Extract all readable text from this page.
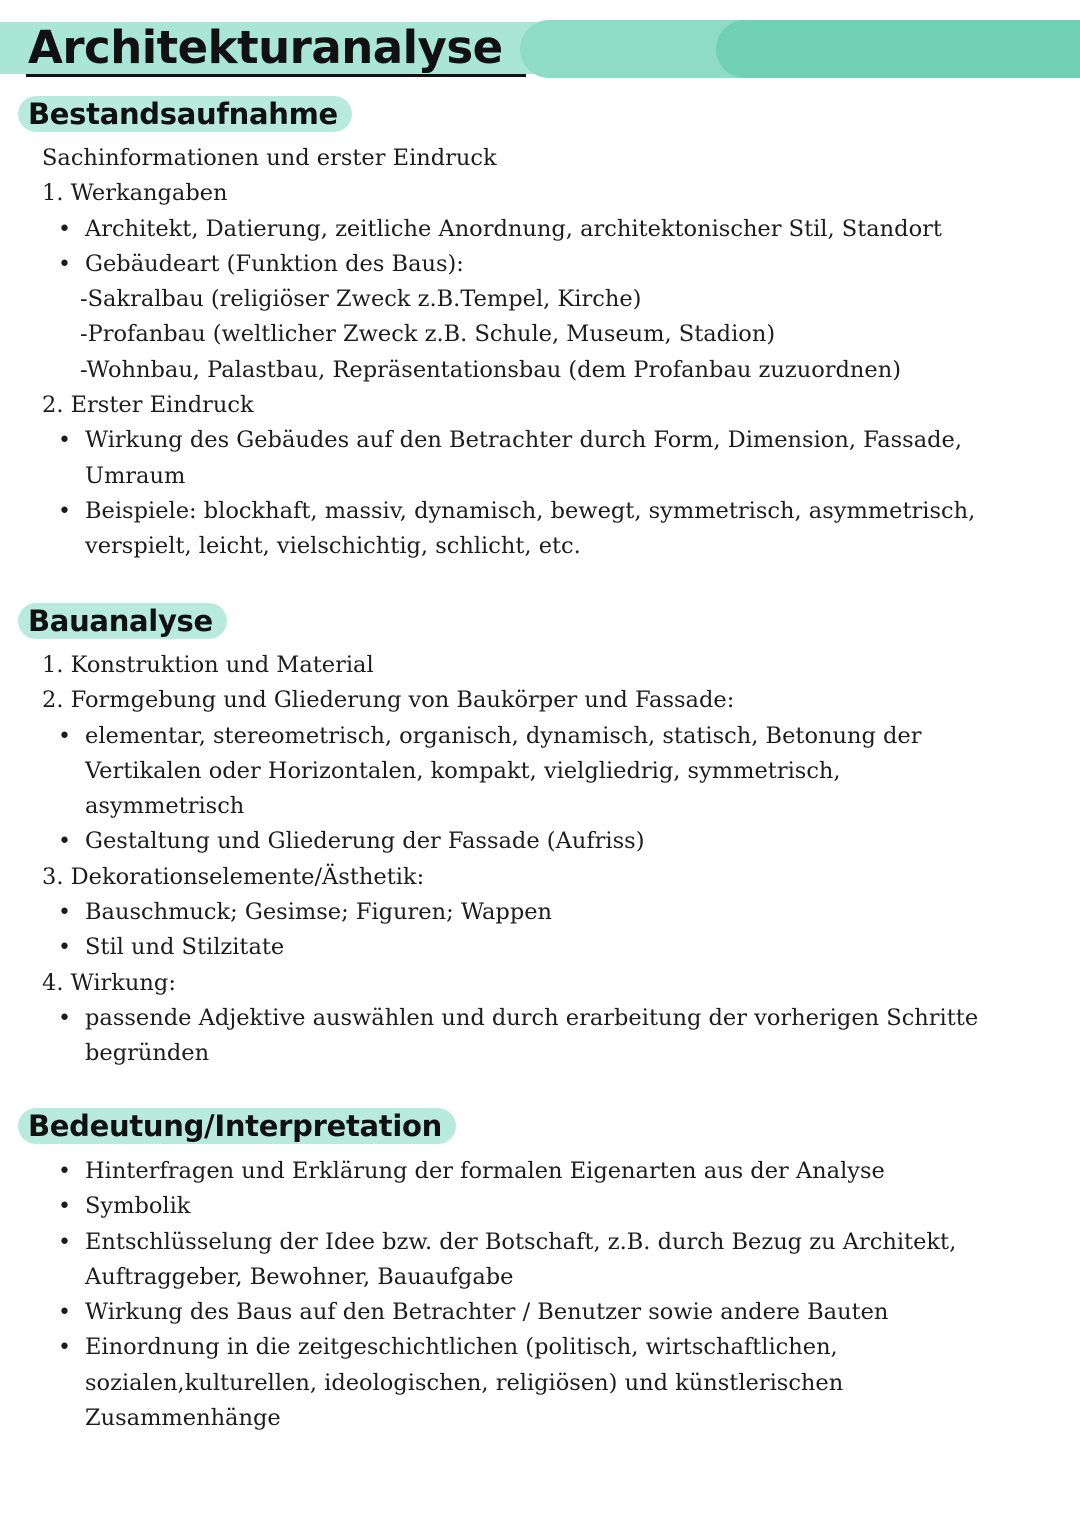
Architekturanalyse
Bestandsaufnahme
Sachinformationen und erster Eindruck
1. Werkangaben
• Architekt, Datierung, zeitliche Anordnung, architektonischer Stil, Standort
• Gebäudeart (Funktion des Baus):
-Sakralbau (religiöser Zweck z.B.Tempel, Kirche)
-Profanbau (weltlicher Zweck z.B. Schule, Museum, Stadion)
-Wohnbau, Palastbau, Repräsentationsbau (dem Profanbau zuzuordnen)
2. Erster Eindruck
• Wirkung des Gebäudes auf den Betrachter durch Form, Dimension, Fassade,
Umraum
• Beispiele: blockhaft, massiv, dynamisch, bewegt, symmetrisch, asymmetrisch,
verspielt, leicht, vielschichtig, schlicht, etc.
Bauanalyse
1. Konstruktion und Material
2. Formgebung und Gliederung von Baukörper und Fassade:
• elementar, stereometrisch, organisch, dynamisch, statisch, Betonung der
Vertikalen oder Horizontalen, kompakt, vielgliedrig, symmetrisch,
asymmetrisch
• Gestaltung und Gliederung der Fassade (Aufriss)
3. Dekorationselemente/Ästhetik:
• Bauschmuck; Gesimse; Figuren; Wappen
• Stil und Stilzitate
4. Wirkung:
• passende Adjektive auswählen und durch erarbeitung der vorherigen Schritte
begründen
Bedeutung/Interpretation
• Hinterfragen und Erklärung der formalen Eigenarten aus der Analyse
• Symbolik
• Entschlüsselung der Idee bzw. der Botschaft, z.B. durch Bezug zu Architekt,
Auftraggeber, Bewohner, Bauaufgabe
• Wirkung des Baus auf den Betrachter / Benutzer sowie andere Bauten
• Einordnung in die zeitgeschichtlichen (politisch, wirtschaftlichen,
sozialen,kulturellen, ideologischen, religiösen) und künstlerischen
Zusammenhänge
